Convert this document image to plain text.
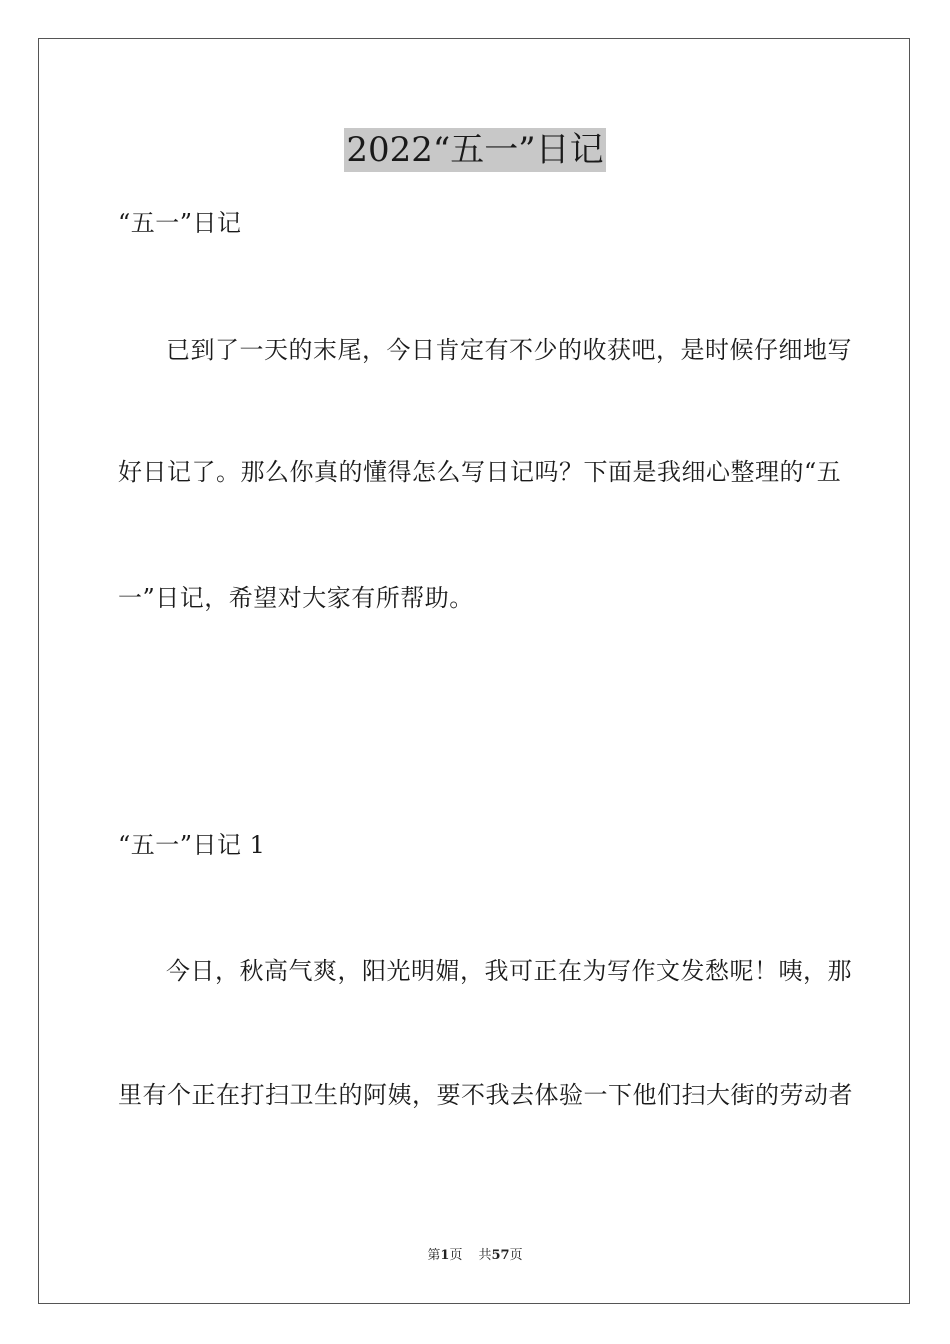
2022“五一”日记
“五一”日记
已到了一天的末尾，今日肯定有不少的收获吧，是时候仔细地写
好日记了。那么你真的懂得怎么写日记吗？下面是我细心整理的“五
一”日记，希望对大家有所帮助。
“五一”日记 1
今日，秋高气爽，阳光明媚，我可正在为写作文发愁呢！咦，那
里有个正在打扫卫生的阿姨，要不我去体验一下他们扫大街的劳动者
第1页 共57页
